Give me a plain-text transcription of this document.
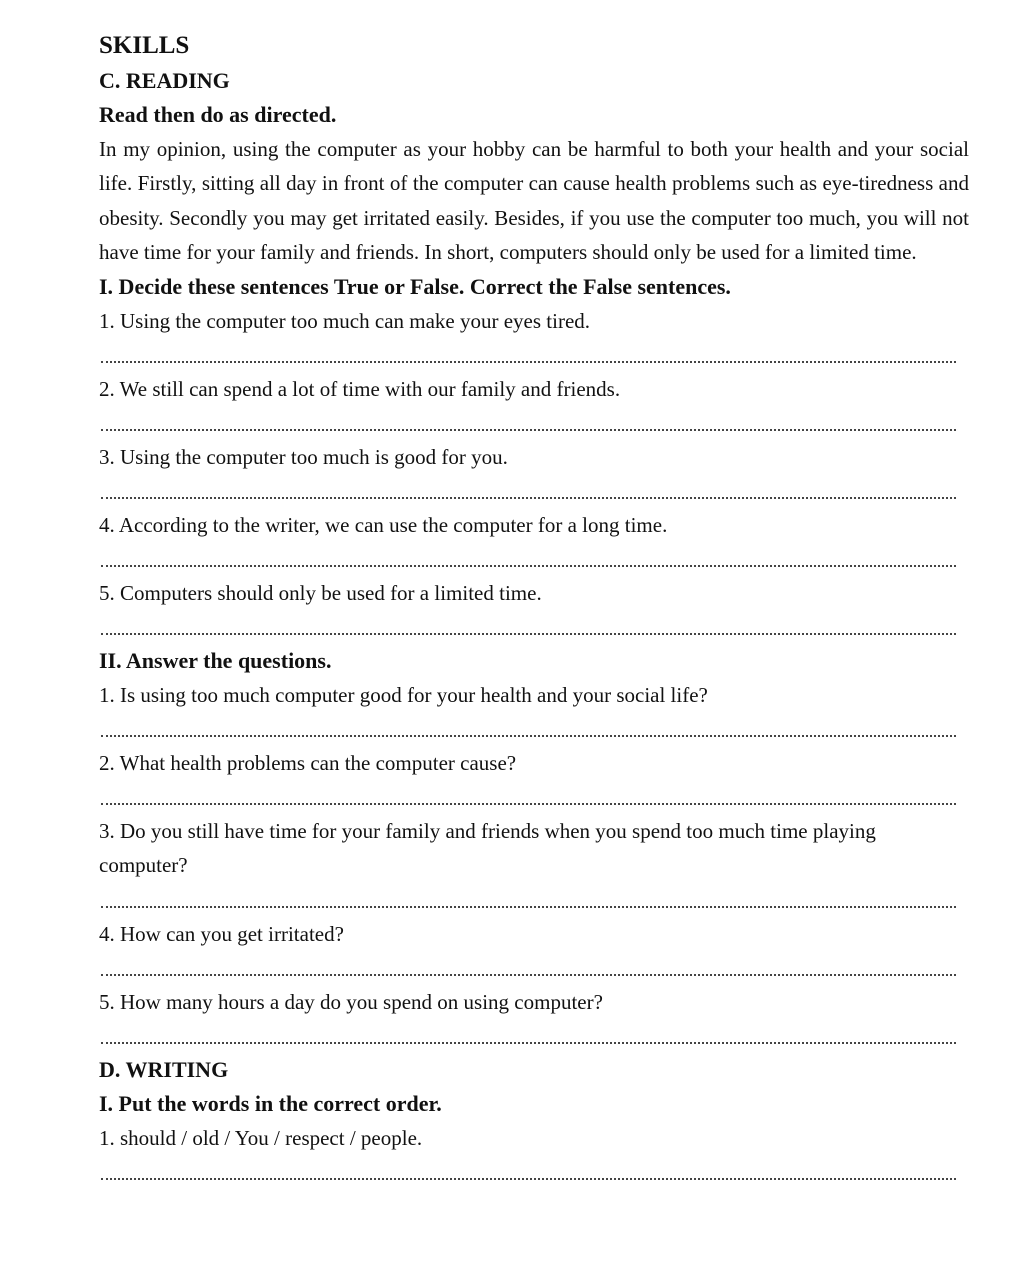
SKILLS
C. READING
Read then do as directed.
In my opinion, using the computer as your hobby can be harmful to both your health and your social life. Firstly, sitting all day in front of the computer can cause health problems such as eye-tiredness and obesity. Secondly you may get irritated easily. Besides, if you use the computer too much, you will not have time for your family and friends. In short, computers should only be used for a limited time.
I. Decide these sentences True or False. Correct the False sentences.
1. Using the computer too much can make your eyes tired.
2. We still can spend a lot of time with our family and friends.
3. Using the computer too much is good for you.
4. According to the writer, we can use the computer for a long time.
5. Computers should only be used for a limited time.
II. Answer the questions.
1. Is using too much computer good for your health and your social life?
2. What health problems can the computer cause?
3. Do you still have time for your family and friends when you spend too much time playing computer?
4. How can you get irritated?
5. How many hours a day do you spend on using computer?
D. WRITING
I. Put the words in the correct order.
1. should / old / You / respect / people.
